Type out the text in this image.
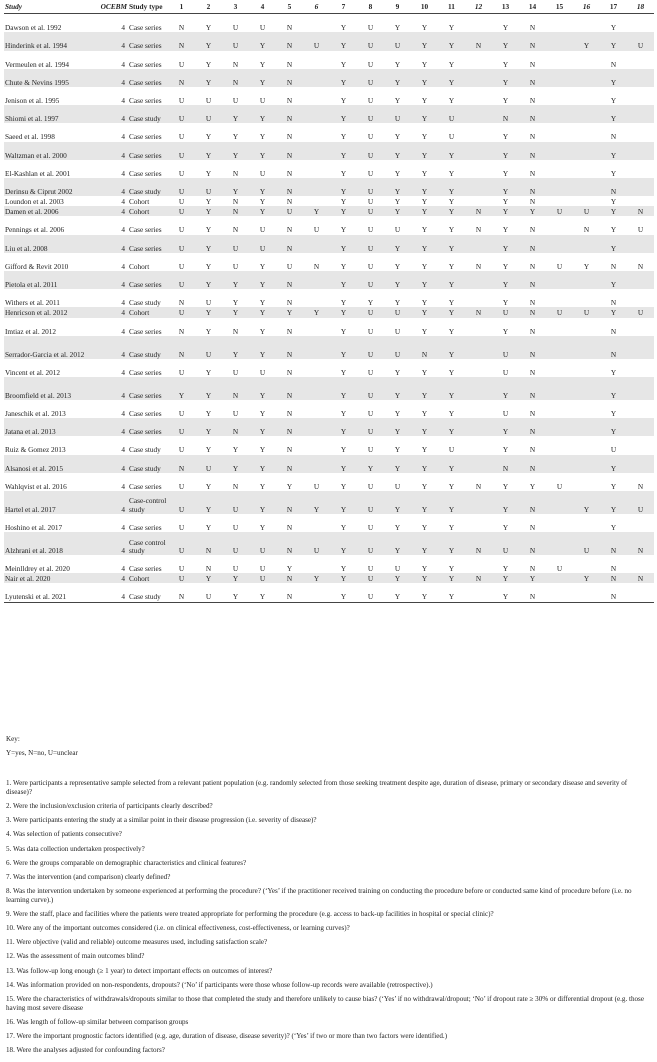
Study	OCEBM	Study type	1	2	3	4	5	6	7	8	9	10	11	12	13	14	15	16	17	18
Dawson et al. 1992	4	Case series	N	Y	U	U	N		Y	U	Y	Y	Y		Y	N			Y	
Hinderink et al. 1994	4	Case series	N	Y	U	Y	N	U	Y	U	U	Y	Y	N	Y	N		Y	Y	U
Vermeulen et al. 1994	4	Case series	U	Y	N	Y	N		Y	U	Y	Y	Y		Y	N			N	
Chute & Nevins 1995	4	Case series	N	Y	N	Y	N		Y	U	Y	Y	Y		Y	N			Y	
Jenison et al. 1995	4	Case series	U	U	U	U	N		Y	U	Y	Y	Y		Y	N			Y	
Shiomi et al. 1997	4	Case study	U	U	Y	Y	N		Y	U	U	Y	U		N	N			Y	
Saeed et al. 1998	4	Case series	U	Y	Y	Y	N		Y	U	Y	Y	U		Y	N			N	
Waltzman et al. 2000	4	Case series	U	Y	Y	Y	N		Y	U	Y	Y	Y		Y	N			Y	
El-Kashlan et al. 2001	4	Case series	U	Y	N	U	N		Y	U	Y	Y	Y		Y	N			Y	
Derinsu & Ciprut 2002	4	Case study	U	U	Y	Y	N		Y	U	Y	Y	Y		Y	N			N	
Loundon et al. 2003	4	Cohort	U	Y	N	Y	N		Y	U	Y	Y	Y		Y	N			Y	
Damen et al. 2006	4	Cohort	U	Y	N	Y	U	Y	Y	U	Y	Y	Y	N	Y	Y	U	U	Y	N
Pennings et al. 2006	4	Case series	U	Y	N	U	N	U	Y	U	U	Y	Y	N	Y	N		N	Y	U
Liu et al. 2008	4	Case series	U	Y	U	U	N		Y	U	Y	Y	Y		Y	N			Y	
Gifford & Revit 2010	4	Cohort	U	Y	U	Y	U	N	Y	U	Y	Y	Y	N	Y	N	U	Y	N	N
Pietola et al. 2011	4	Case series	U	Y	Y	Y	N		Y	U	Y	Y	Y		Y	N			Y	
Withers et al. 2011	4	Case study	N	U	Y	Y	N		Y	Y	Y	Y	Y		Y	N			N	
Henricson et al. 2012	4	Cohort	U	Y	Y	Y	Y	Y	Y	U	U	Y	Y	N	U	N	U	U	Y	U
Imtiaz et al. 2012	4	Case series	N	Y	N	Y	N		Y	U	U	Y	Y		Y	N			N	
Serrador-Garcia et al. 2012	4	Case study	N	U	Y	Y	N		Y	U	U	N	Y		U	N			N	
Vincent et al. 2012	4	Case series	U	Y	U	U	N		Y	U	Y	Y	Y		U	N			Y	
Broomfield et al. 2013	4	Case series	Y	Y	N	Y	N		Y	U	Y	Y	Y		Y	N			Y	
Janeschik et al. 2013	4	Case series	U	Y	U	Y	N		Y	U	Y	Y	Y		U	N			Y	
Jatana et al. 2013	4	Case series	U	Y	N	Y	N		Y	U	Y	Y	Y		Y	N			Y	
Ruiz & Gomez 2013	4	Case study	U	Y	Y	Y	N		Y	U	Y	Y	U		Y	N			U	
Alsanosi et al. 2015	4	Case study	N	U	Y	Y	N		Y	Y	Y	Y	Y		N	N			Y	
Wahlqvist et al. 2016	4	Case series	U	Y	N	Y	Y	U	Y	U	U	Y	Y	N	Y	Y	U		Y	N
Hartel et al. 2017	4	Case-control study	U	Y	U	Y	N	Y	Y	U	Y	Y	Y		Y	N		Y	Y	U
Hoshino et al. 2017	4	Case series	U	Y	U	Y	N		Y	U	Y	Y	Y		Y	N			Y	
Alzhrani et al. 2018	4	Case control study	U	N	U	U	N	U	Y	U	Y	Y	Y	N	U	N		U	N	N
Meinlldrey et al. 2020	4	Case series	U	N	U	U	Y		Y	U	U	Y	Y		Y	N	U		N	
Nair et al. 2020	4	Cohort	U	Y	Y	U	N	Y	Y	U	Y	Y	Y	N	Y	Y		Y	N	N
Lyutenski et al. 2021	4	Case study	N	U	Y	Y	N		Y	U	Y	Y	Y		Y	N			N	

Key:

Y=yes, N=no, U=unclear

1. Were participants a representative sample selected from a relevant patient population (e.g. randomly selected from those seeking treatment despite age, duration of disease, primary or secondary disease and severity of disease)?

2. Were the inclusion/exclusion criteria of participants clearly described?

3. Were participants entering the study at a similar point in their disease progression (i.e. severity of disease)?

4. Was selection of patients consecutive?

5. Was data collection undertaken prospectively?

6. Were the groups comparable on demographic characteristics and clinical features?

7. Was the intervention (and comparison) clearly defined?

8. Was the intervention undertaken by someone experienced at performing the procedure? (‘Yes’ if the practitioner received training on conducting the procedure before or conducted same kind of procedure before (i.e. no learning curve).)

9. Were the staff, place and facilities where the patients were treated appropriate for performing the procedure (e.g. access to back-up facilities in hospital or special clinic)?

10. Were any of the important outcomes considered (i.e. on clinical effectiveness, cost-effectiveness, or learning curves)?

11. Were objective (valid and reliable) outcome measures used, including satisfaction scale?

12. Was the assessment of main outcomes blind?

13. Was follow-up long enough (≥ 1 year) to detect important effects on outcomes of interest?

14. Was information provided on non-respondents, dropouts? (‘No’ if participants were those whose follow-up records were available (retrospective).)

15. Were the characteristics of withdrawals/dropouts similar to those that completed the study and therefore unlikely to cause bias? (‘Yes’ if no withdrawal/dropout; ‘No’ if dropout rate ≥ 30% or differential dropout (e.g. those having most severe disease

16. Was length of follow-up similar between comparison groups

17. Were the important prognostic factors identified (e.g. age, duration of disease, disease severity)? (‘Yes’ if two or more than two factors were identified.)

18. Were the analyses adjusted for confounding factors?
